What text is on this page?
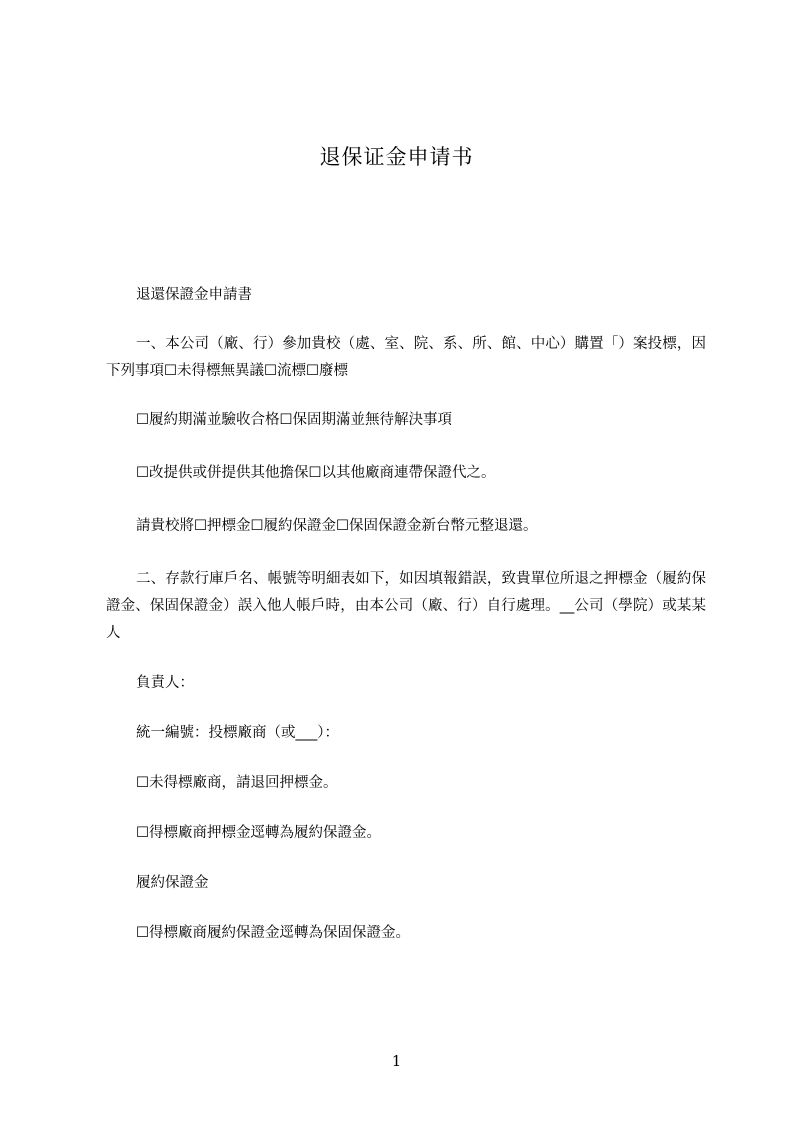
退保证金申请书

退還保證金申請書

一、本公司（廠、行）參加貴校（處、室、院、系、所、館、中心）購置「）案投標，因下列事項☐未得標無異議☐流標☐廢標

☐履約期滿並驗收合格☐保固期滿並無待解決事項

☐改提供或併提供其他擔保☐以其他廠商連帶保證代之。

請貴校將☐押標金☐履約保證金☐保固保證金新台幣元整退還。

二、存款行庫戶名、帳號等明細表如下，如因填報錯誤，致貴單位所退之押標金（履約保證金、保固保證金）誤入他人帳戶時，由本公司（廠、行）自行處理。__公司（學院）或某某人

負責人：

統一編號：投標廠商（或___）：

☐未得標廠商，請退回押標金。

☐得標廠商押標金逕轉為履約保證金。

履約保證金

☐得標廠商履約保證金逕轉為保固保證金。

1
